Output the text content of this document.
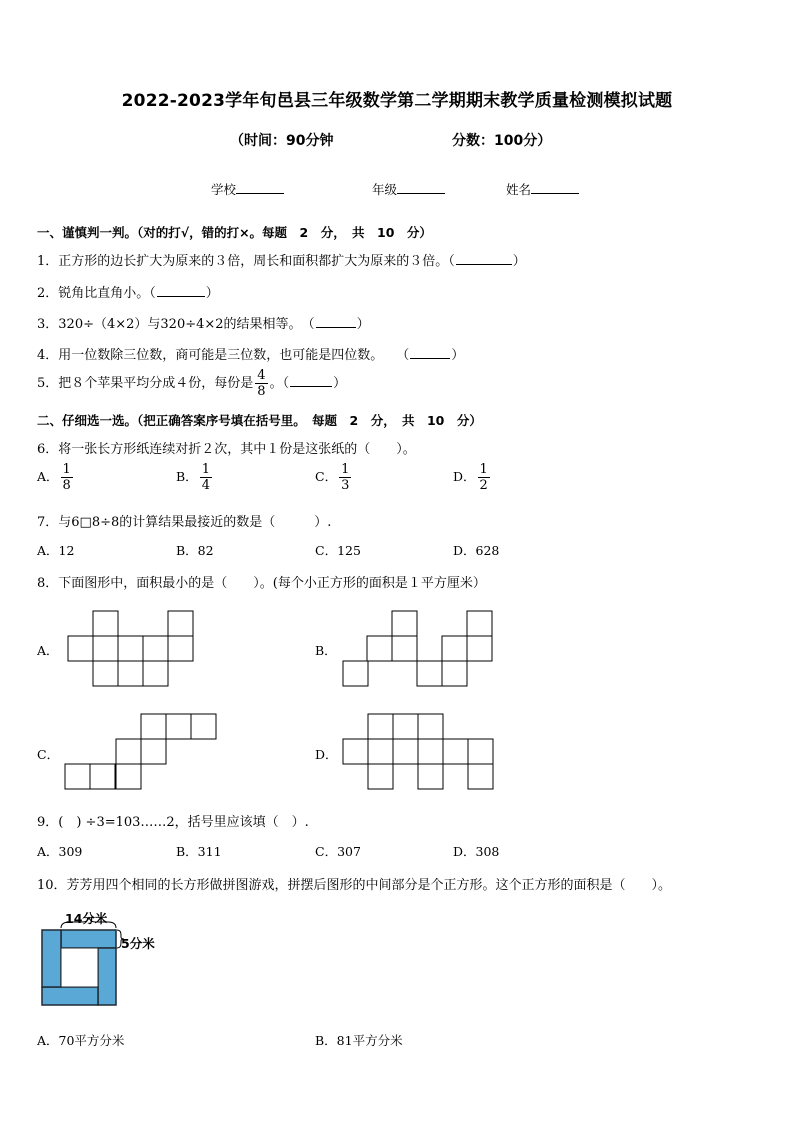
2022-2023学年旬邑县三年级数学第二学期期末教学质量检测模拟试题
（时间：90分钟	分数：100分）
学校	年级	姓名
一、谨慎判一判。（对的打√，错的打×。每题　2　分，　共　10　分）
1．正方形的边长扩大为原来的３倍，周长和面积都扩大为原来的３倍。（	）
2．锐角比直角小。（	）
3．320÷（4×2）与320÷4×2的结果相等。　（	）
4．用一位数除三位数，商可能是三位数，也可能是四位数。　　（	）
5．把８个苹果平均分成４份，每份是 $\frac{4}{8}$ 。（	）
二、仔细选一选。（把正确答案序号填在括号里。　每题　2　分，　共　10　分）
6．将一张长方形纸连续对折２次，其中１份是这张纸的（　　）。
A． $\frac{1}{8}$	B． $\frac{1}{4}$	C． $\frac{1}{3}$	D． $\frac{1}{2}$
7．与6□8÷8的计算结果最接近的数是（　　　）.
A．12	B．82	C．125	D．628
8．下面图形中，面积最小的是（　　）。(每个小正方形的面积是１平方厘米）
A．	B．
C．	D．
9．(　) ÷3=103……2，括号里应该填（　）.
A．309	B．311	C．307	D．308
10．芳芳用四个相同的长方形做拼图游戏，拼摆后图形的中间部分是个正方形。这个正方形的面积是（　　）。
14分米
5分米
A．70平方分米	B．81平方分米
